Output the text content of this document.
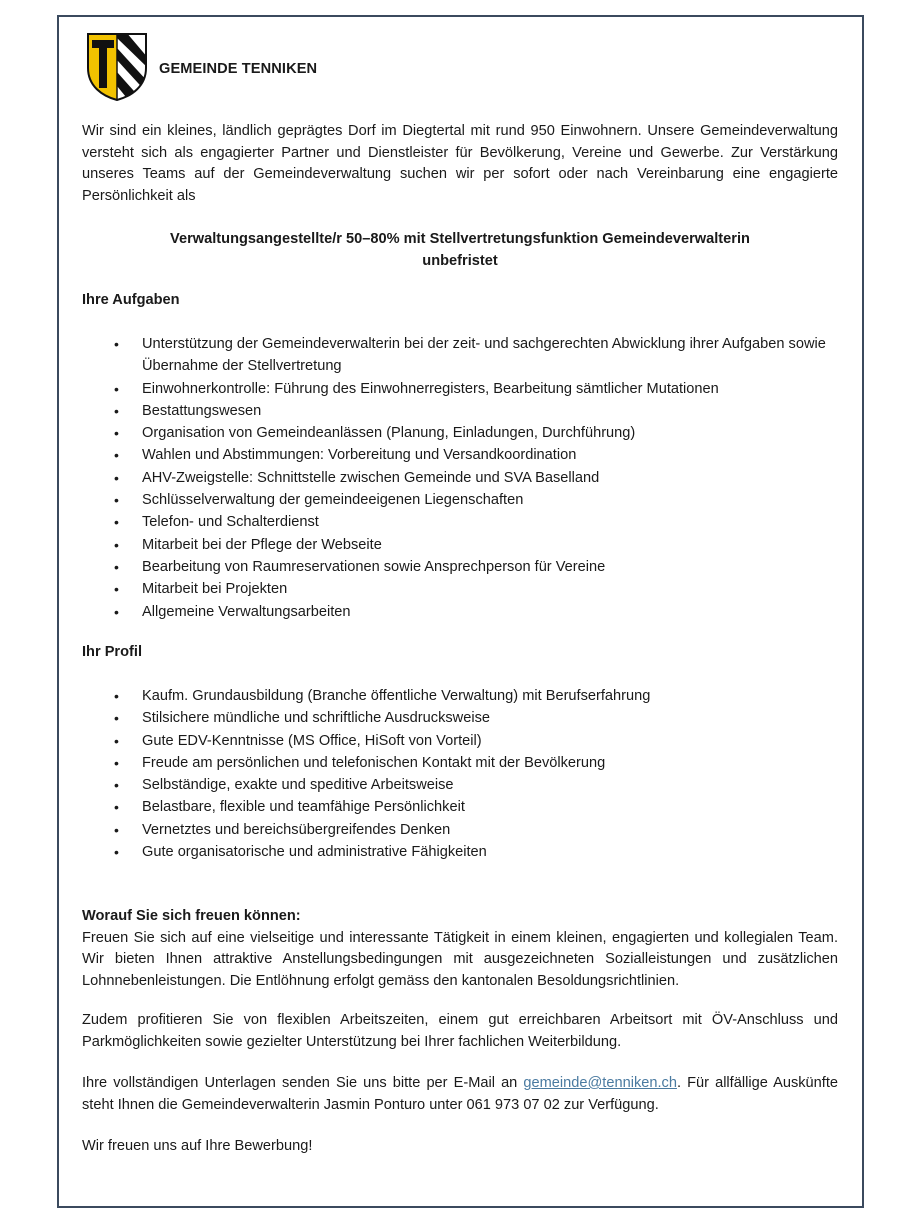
GEMEINDE TENNIKEN

Wir sind ein kleines, ländlich geprägtes Dorf im Diegtertal mit rund 950 Einwohnern. Unsere Gemeindeverwaltung versteht sich als engagierter Partner und Dienstleister für Bevölkerung, Vereine und Gewerbe. Zur Verstärkung unseres Teams auf der Gemeindeverwaltung suchen wir per sofort oder nach Vereinbarung eine engagierte Persönlichkeit als

Verwaltungsangestellte/r 50–80% mit Stellvertretungsfunktion Gemeindeverwalterin
unbefristet
Ihre Aufgaben
• Unterstützung der Gemeindeverwalterin bei der zeit- und sachgerechten Abwicklung ihrer Aufgaben sowie Übernahme der Stellvertretung
• Einwohnerkontrolle: Führung des Einwohnerregisters, Bearbeitung sämtlicher Mutationen
• Bestattungswesen
• Organisation von Gemeindeanlässen (Planung, Einladungen, Durchführung)
• Wahlen und Abstimmungen: Vorbereitung und Versandkoordination
• AHV-Zweigstelle: Schnittstelle zwischen Gemeinde und SVA Baselland
• Schlüsselverwaltung der gemeindeeigenen Liegenschaften
• Telefon- und Schalterdienst
• Mitarbeit bei der Pflege der Webseite
• Bearbeitung von Raumreservationen sowie Ansprechperson für Vereine
• Mitarbeit bei Projekten
• Allgemeine Verwaltungsarbeiten
Ihr Profil
• Kaufm. Grundausbildung (Branche öffentliche Verwaltung) mit Berufserfahrung
• Stilsichere mündliche und schriftliche Ausdrucksweise
• Gute EDV-Kenntnisse (MS Office, HiSoft von Vorteil)
• Freude am persönlichen und telefonischen Kontakt mit der Bevölkerung
• Selbständige, exakte und speditive Arbeitsweise
• Belastbare, flexible und teamfähige Persönlichkeit
• Vernetztes und bereichsübergreifendes Denken
• Gute organisatorische und administrative Fähigkeiten
Worauf Sie sich freuen können:
Freuen Sie sich auf eine vielseitige und interessante Tätigkeit in einem kleinen, engagierten und kollegialen Team. Wir bieten Ihnen attraktive Anstellungsbedingungen mit ausgezeichneten Sozialleistungen und zusätzlichen Lohnnebenleistungen. Die Entlöhnung erfolgt gemäss den kantonalen Besoldungsrichtlinien.
Zudem profitieren Sie von flexiblen Arbeitszeiten, einem gut erreichbaren Arbeitsort mit ÖV-Anschluss und Parkmöglichkeiten sowie gezielter Unterstützung bei Ihrer fachlichen Weiterbildung.
Ihre vollständigen Unterlagen senden Sie uns bitte per E-Mail an gemeinde@tenniken.ch. Für allfällige Auskünfte steht Ihnen die Gemeindeverwalterin Jasmin Ponturo unter 061 973 07 02 zur Verfügung.
Wir freuen uns auf Ihre Bewerbung!
